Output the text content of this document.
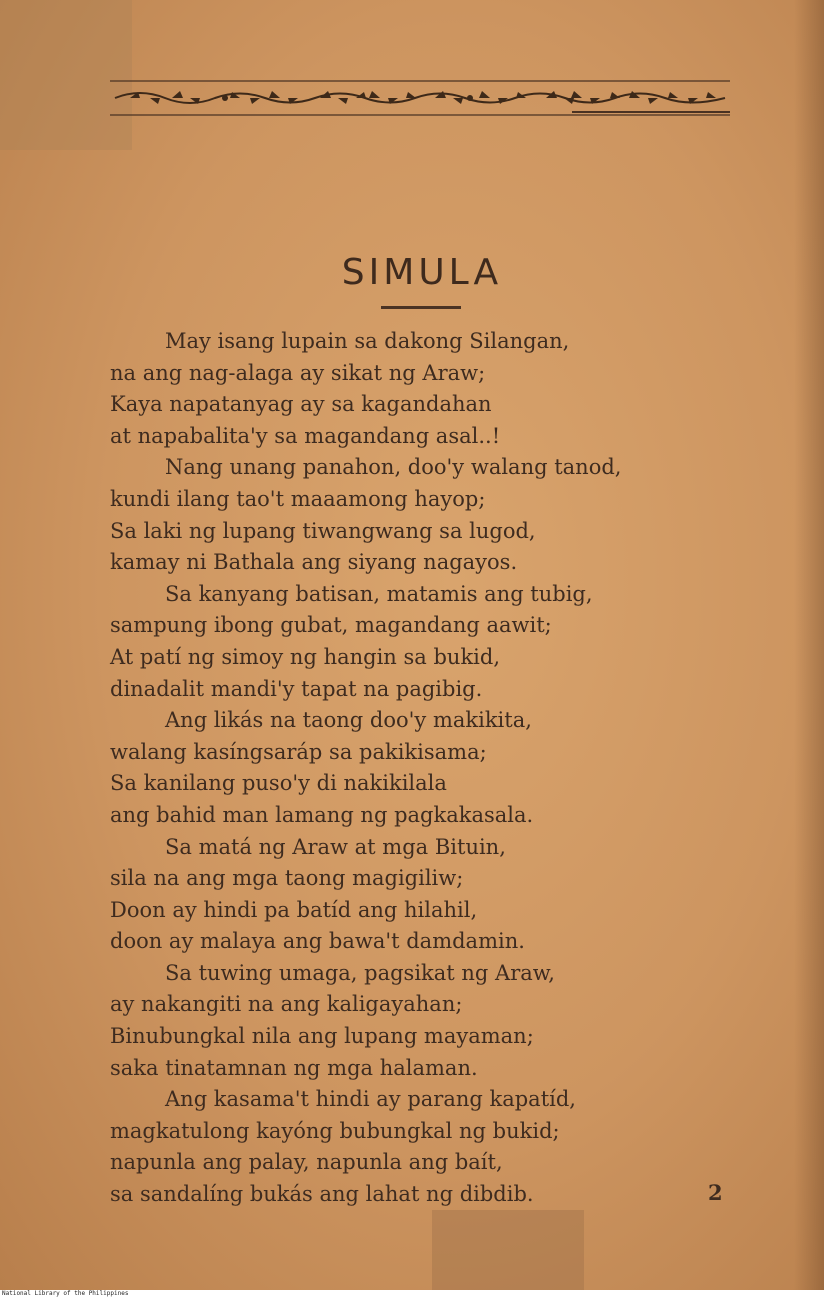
SIMULA
May isang lupain sa dakong Silangan,
na ang nag-alaga ay sikat ng Araw;
Kaya napatanyag ay sa kagandahan
at napabalita'y sa magandang asal..!
Nang unang panahon, doo'y walang tanod,
kundi ilang tao't maaamong hayop;
Sa laki ng lupang tiwangwang sa lugod,
kamay ni Bathala ang siyang nagayos.
Sa kanyang batisan, matamis ang tubig,
sampung ibong gubat, magandang aawit;
At patí ng simoy ng hangin sa bukid,
dinadalit mandi'y tapat na pagibig.
Ang likás na taong doo'y makikita,
walang kasíngsaráp sa pakikisama;
Sa kanilang puso'y di nakikilala
ang bahid man lamang ng pagkakasala.
Sa matá ng Araw at mga Bituin,
sila na ang mga taong magigiliw;
Doon ay hindi pa batíd ang hilahil,
doon ay malaya ang bawa't damdamin.
Sa tuwing umaga, pagsikat ng Araw,
ay nakangiti na ang kaligayahan;
Binubungkal nila ang lupang mayaman;
saka tinatamnan ng mga halaman.
Ang kasama't hindi ay parang kapatíd,
magkatulong kayóng bubungkal ng bukid;
napunla ang palay, napunla ang baít,
sa sandalíng bukás ang lahat ng dibdib.	2
National Library of the Philippines
